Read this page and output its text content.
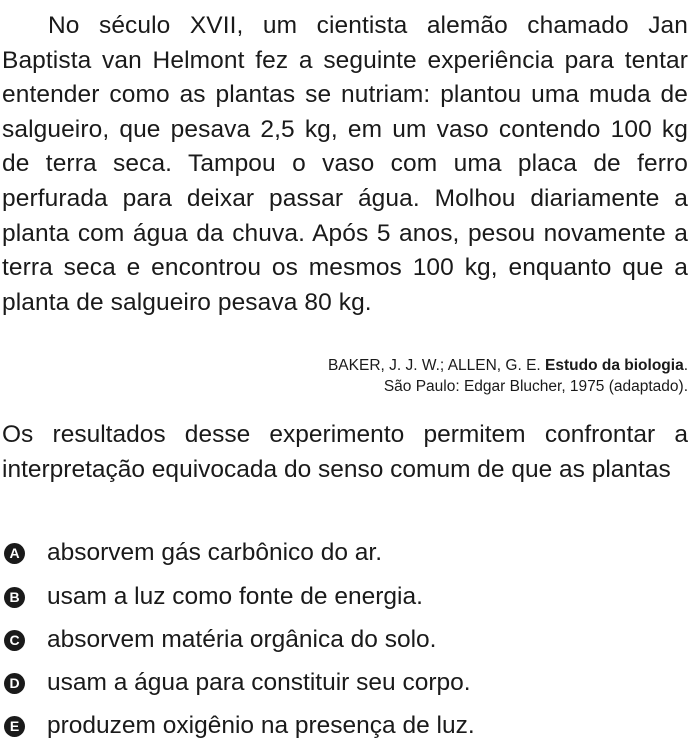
No século XVII, um cientista alemão chamado Jan Baptista van Helmont fez a seguinte experiência para tentar entender como as plantas se nutriam: plantou uma muda de salgueiro, que pesava 2,5 kg, em um vaso contendo 100 kg de terra seca. Tampou o vaso com uma placa de ferro perfurada para deixar passar água. Molhou diariamente a planta com água da chuva. Após 5 anos, pesou novamente a terra seca e encontrou os mesmos 100 kg, enquanto que a planta de salgueiro pesava 80 kg.

BAKER, J. J. W.; ALLEN, G. E. Estudo da biologia.
São Paulo: Edgar Blucher, 1975 (adaptado).

Os resultados desse experimento permitem confrontar a interpretação equivocada do senso comum de que as plantas

A absorvem gás carbônico do ar.
B usam a luz como fonte de energia.
C absorvem matéria orgânica do solo.
D usam a água para constituir seu corpo.
E produzem oxigênio na presença de luz.
